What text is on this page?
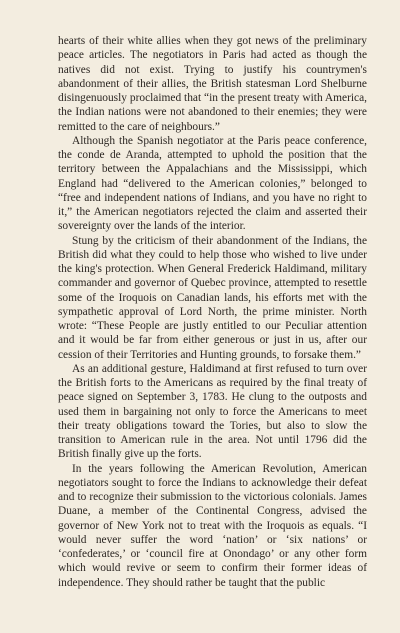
hearts of their white allies when they got news of the preliminary peace articles. The negotiators in Paris had acted as though the natives did not exist. Trying to justify his countrymen's abandonment of their allies, the British statesman Lord Shelburne disingenuously proclaimed that “in the present treaty with America, the Indian nations were not abandoned to their enemies; they were remitted to the care of neighbours.”

Although the Spanish negotiator at the Paris peace conference, the conde de Aranda, attempted to uphold the position that the territory between the Appalachians and the Mississippi, which England had “delivered to the American colonies,” belonged to “free and independent nations of Indians, and you have no right to it,” the American negotiators rejected the claim and asserted their sovereignty over the lands of the interior.

Stung by the criticism of their abandonment of the Indians, the British did what they could to help those who wished to live under the king's protection. When General Frederick Haldimand, military commander and governor of Quebec province, attempted to resettle some of the Iroquois on Canadian lands, his efforts met with the sympathetic approval of Lord North, the prime minister. North wrote: “These People are justly entitled to our Peculiar attention and it would be far from either generous or just in us, after our cession of their Territories and Hunting grounds, to forsake them.”

As an additional gesture, Haldimand at first refused to turn over the British forts to the Americans as required by the final treaty of peace signed on September 3, 1783. He clung to the outposts and used them in bargaining not only to force the Americans to meet their treaty obligations toward the Tories, but also to slow the transition to American rule in the area. Not until 1796 did the British finally give up the forts.

In the years following the American Revolution, American negotiators sought to force the Indians to acknowledge their defeat and to recognize their submission to the victorious colonials. James Duane, a member of the Continental Congress, advised the governor of New York not to treat with the Iroquois as equals. “I would never suffer the word ‘nation’ or ‘six nations’ or ‘confederates,’ or ‘council fire at Onondago’ or any other form which would revive or seem to confirm their former ideas of independence. They should rather be taught that the public
